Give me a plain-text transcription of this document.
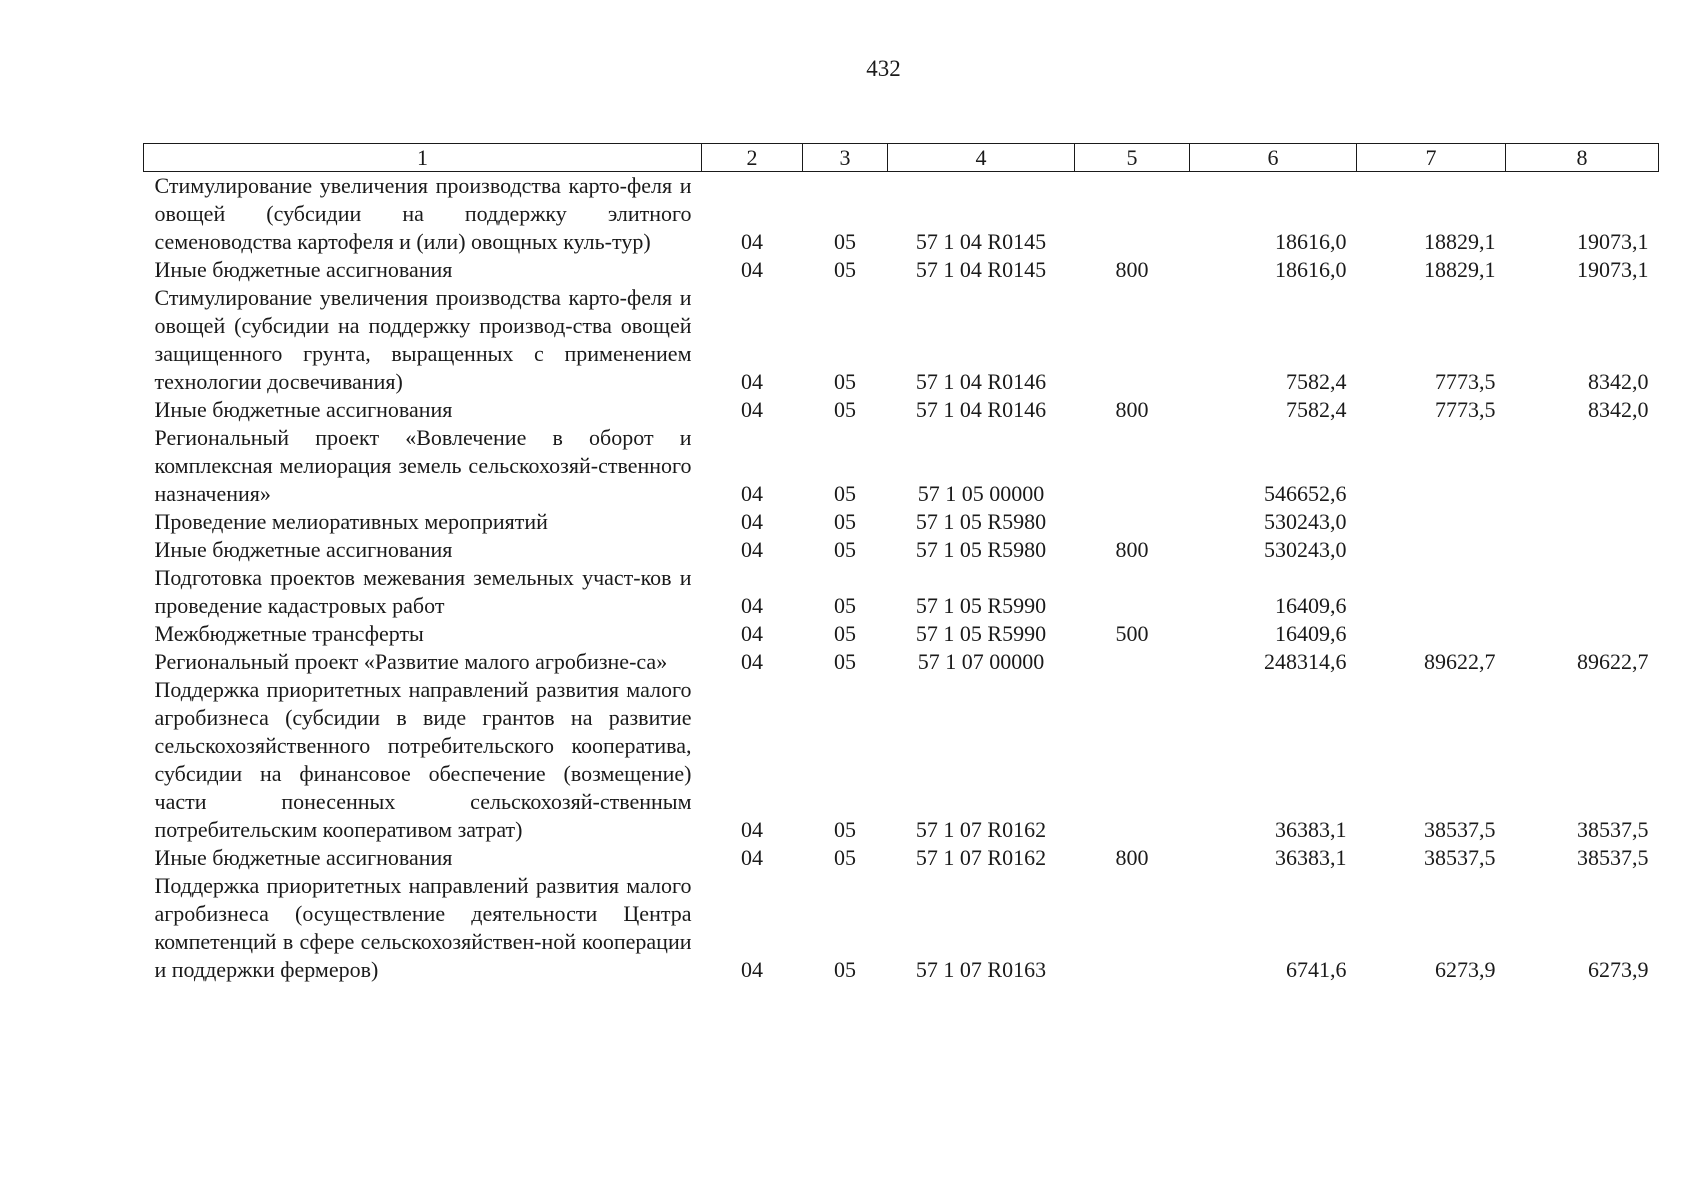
432
1	2	3	4	5	6	7	8
Стимулирование увеличения производства карто-феля и овощей (субсидии на поддержку элитного семеноводства картофеля и (или) овощных куль-тур)	04	05	57 1 04 R0145		18616,0	18829,1	19073,1
Иные бюджетные ассигнования	04	05	57 1 04 R0145	800	18616,0	18829,1	19073,1
Стимулирование увеличения производства карто-феля и овощей (субсидии на поддержку производ-ства овощей защищенного грунта, выращенных с применением технологии досвечивания)	04	05	57 1 04 R0146		7582,4	7773,5	8342,0
Иные бюджетные ассигнования	04	05	57 1 04 R0146	800	7582,4	7773,5	8342,0
Региональный проект «Вовлечение в оборот и комплексная мелиорация земель сельскохозяй-ственного назначения»	04	05	57 1 05 00000		546652,6		
Проведение мелиоративных мероприятий	04	05	57 1 05 R5980		530243,0		
Иные бюджетные ассигнования	04	05	57 1 05 R5980	800	530243,0		
Подготовка проектов межевания земельных участ-ков и проведение кадастровых работ	04	05	57 1 05 R5990		16409,6		
Межбюджетные трансферты	04	05	57 1 05 R5990	500	16409,6		
Региональный проект «Развитие малого агробизне-са»	04	05	57 1 07 00000		248314,6	89622,7	89622,7
Поддержка приоритетных направлений развития малого агробизнеса (субсидии в виде грантов на развитие сельскохозяйственного потребительского кооператива, субсидии на финансовое обеспечение (возмещение) части понесенных сельскохозяй-ственным потребительским кооперативом затрат)	04	05	57 1 07 R0162		36383,1	38537,5	38537,5
Иные бюджетные ассигнования	04	05	57 1 07 R0162	800	36383,1	38537,5	38537,5
Поддержка приоритетных направлений развития малого агробизнеса (осуществление деятельности Центра компетенций в сфере сельскохозяйствен-ной кооперации и поддержки фермеров)	04	05	57 1 07 R0163		6741,6	6273,9	6273,9
